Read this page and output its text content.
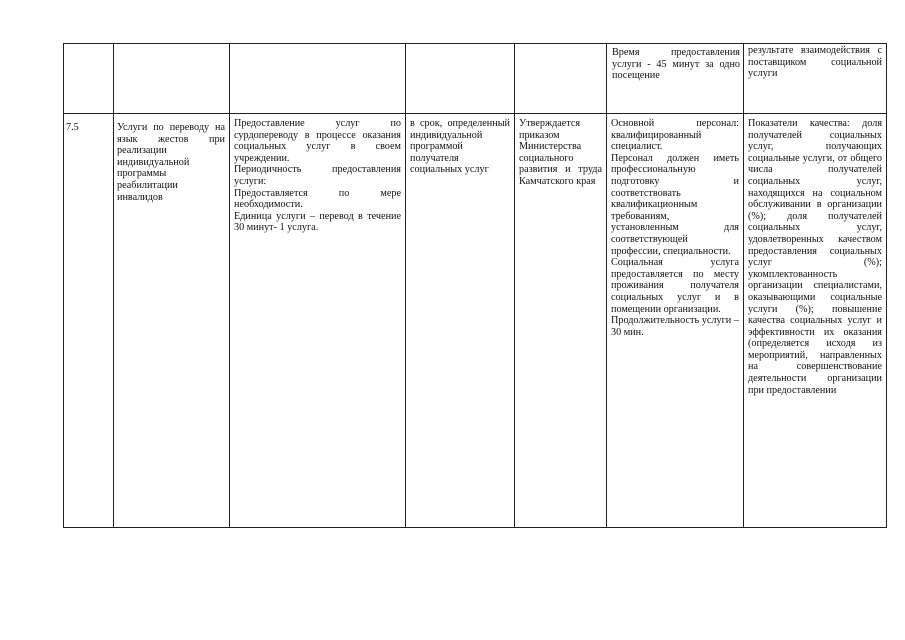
Время предоставления услуги - 45 минут за одно посещение

результате взаимодействия с поставщиком социальной услуги

7.5	Услуги по переводу на язык жестов при реализации индивидуальной программы реабилитации инвалидов

Предоставление услуг по сурдопереводу в процессе оказания социальных услуг в своем учреждении.

Периодичность предоставления услуги:

Предоставляется по мере необходимости.

Единица услуги – перевод в течение 30 минут- 1 услуга.

в срок, определенный индивидуальной программой получателя социальных услуг

Утверждается приказом Министерства социального развития и труда Камчатского края

Основной персонал: квалифицированный специалист.

Персонал должен иметь профессиональную подготовку и соответствовать квалификационным требованиям, установленным для соответствующей профессии, специальности.

Социальная услуга предоставляется по месту проживания получателя социальных услуг и в помещении организации.

Продолжительность услуги – 30 мин.

Показатели качества: доля получателей социальных услуг, получающих социальные услуги, от общего числа получателей социальных услуг, находящихся на социальном обслуживании в организации (%); доля получателей социальных услуг, удовлетворенных качеством предоставления социальных услуг (%); укомплектованность организации специалистами, оказывающими социальные услуги (%); повышение качества социальных услуг и эффективности их оказания (определяется исходя из мероприятий, направленных на совершенствование деятельности организации при предоставлении
